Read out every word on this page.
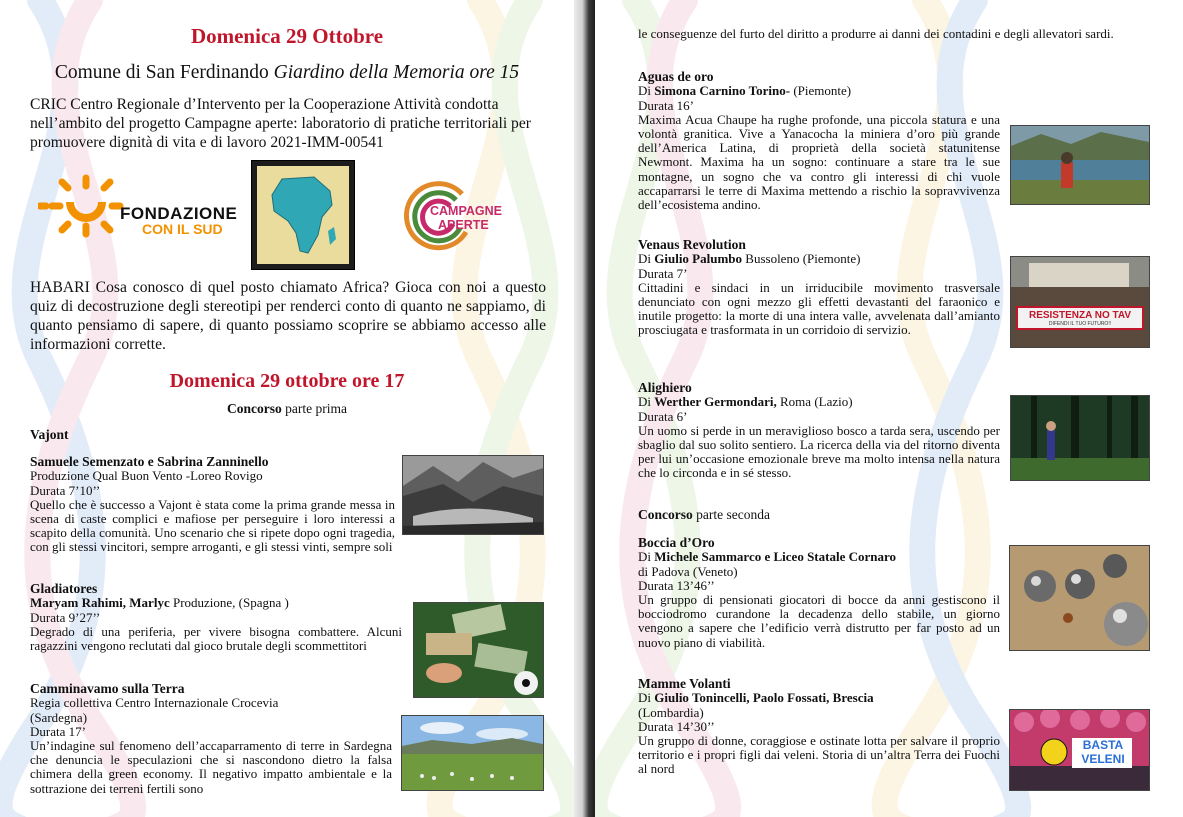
Domenica 29 Ottobre
Comune di San Ferdinando Giardino della Memoria ore 15
CRIC Centro Regionale d’Intervento per la Cooperazione Attività condotta nell’ambito del progetto Campagne aperte: laboratorio di pratiche territoriali per promuovere dignità di vita e di lavoro 2021-IMM-00541
FONDAZIONE
CON IL SUD
CAMPAGNE
APERTE
HABARI Cosa conosco di quel posto chiamato Africa? Gioca con noi a questo quiz di decostruzione degli stereotipi per renderci conto di quanto ne sappiamo, di quanto pensiamo di sapere, di quanto possiamo scoprire se abbiamo accesso alle informazioni corrette.
Domenica 29 ottobre ore 17
Concorso parte prima
Vajont
Samuele Semenzato e Sabrina Zanninello
Produzione Qual Buon Vento -Loreo Rovigo
Durata 7’10’’
Quello che è successo a Vajont è stata come la prima grande messa in scena di caste complici e mafiose per perseguire i loro interessi a scapito della comunità. Uno scenario che si ripete dopo ogni tragedia, con gli stessi vincitori, sempre arroganti, e gli stessi vinti, sempre soli
Gladiatores
Maryam Rahimi, Marlyc Produzione, (Spagna )
Durata 9’27’’
Degrado di una periferia, per vivere bisogna combattere. Alcuni ragazzini vengono reclutati dal gioco brutale degli scommettitori
Camminavamo sulla Terra
Regia collettiva Centro Internazionale Crocevia
(Sardegna)
Durata 17’
Un’indagine sul fenomeno dell’accaparramento di terre in Sardegna che denuncia le speculazioni che si nascondono dietro la falsa chimera della green economy. Il negativo impatto ambientale e la sottrazione dei terreni fertili sono
le conseguenze del furto del diritto a produrre ai danni dei contadini e degli allevatori sardi.
Aguas de oro
Di Simona Carnino Torino- (Piemonte)
Durata 16’
Maxima Acua Chaupe ha rughe profonde, una piccola statura e una volontà granitica. Vive a Yanacocha la miniera d’oro più grande dell’America Latina, di proprietà della società statunitense Newmont. Maxima ha un sogno: continuare a stare tra le sue montagne, un sogno che va contro gli interessi di chi vuole accaparrarsi le terre di Maxima mettendo a rischio la sopravvivenza dell’ecosistema andino.
Venaus Revolution
Di Giulio Palumbo Bussoleno (Piemonte)
Durata 7’
Cittadini e sindaci in un irriducibile movimento trasversale denunciato con ogni mezzo gli effetti devastanti del faraonico e inutile progetto: la morte di una intera valle, avvelenata dall’amianto prosciugata e trasformata in un corridoio di servizio.
RESISTENZA NO TAV
DIFENDI IL TUO FUTURO!!
Alighiero
Di Werther Germondari, Roma (Lazio)
Durata 6’
Un uomo si perde in un meraviglioso bosco a tarda sera, uscendo per sbaglio dal suo solito sentiero. La ricerca della via del ritorno diventa per lui un’occasione emozionale breve ma molto intensa nella natura che lo circonda e in sé stesso.
Concorso parte seconda
Boccia d’Oro
Di Michele Sammarco e Liceo Statale Cornaro
di Padova (Veneto)
Durata 13’46’’
Un gruppo di pensionati giocatori di bocce da anni gestiscono il bocciodromo curandone la decadenza dello stabile, un giorno vengono a sapere che l’edificio verrà distrutto per far posto ad un nuovo piano di viabilità.
Mamme Volanti
Di Giulio Tonincelli, Paolo Fossati, Brescia
(Lombardia)
Durata 14’30’’
Un gruppo di donne, coraggiose e ostinate lotta per salvare il proprio territorio e i propri figli dai veleni. Storia di un’altra Terra dei Fuochi al nord
BASTA
VELENI
